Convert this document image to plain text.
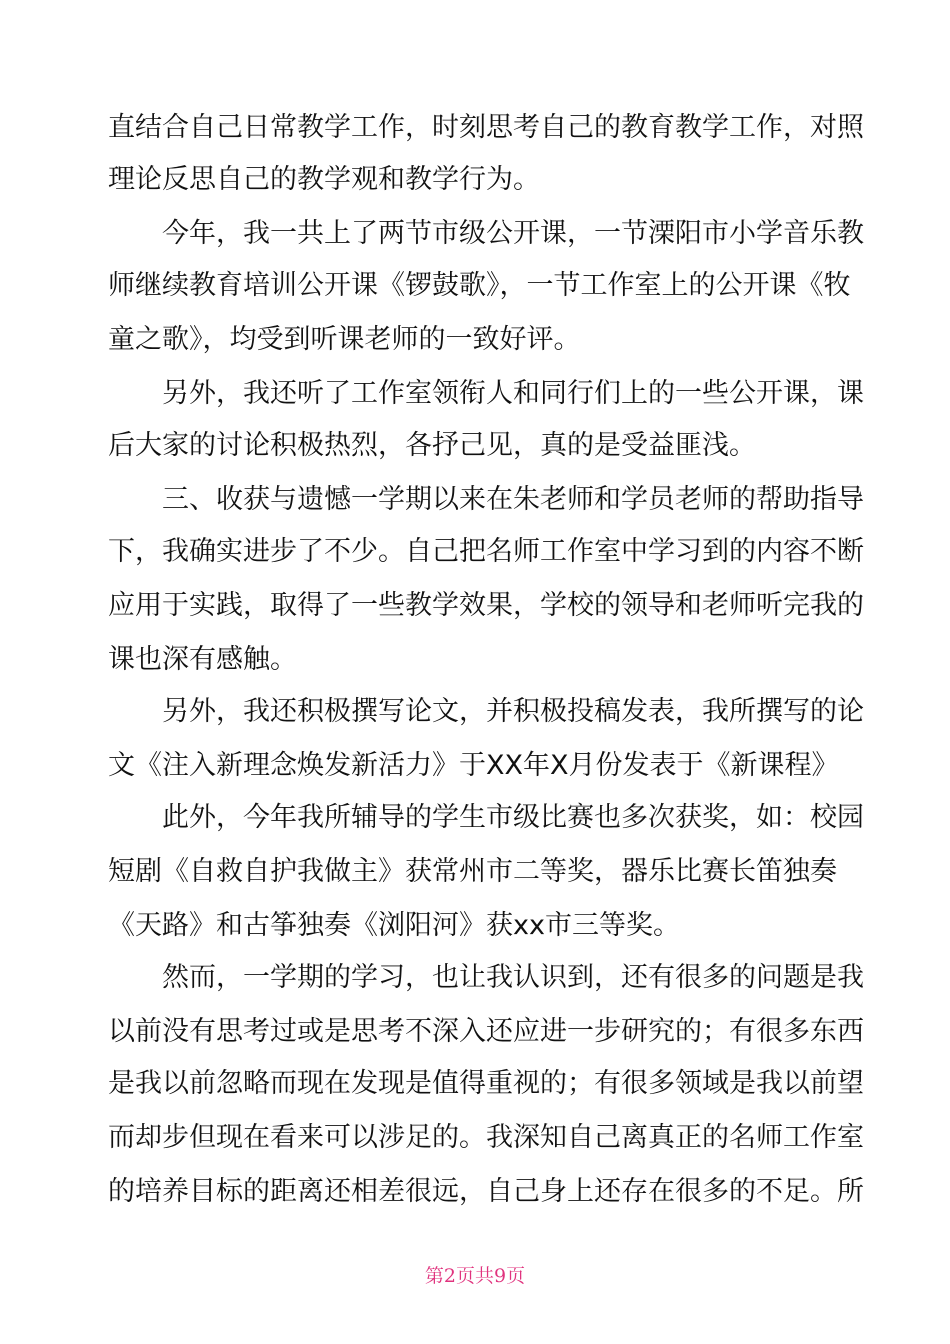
直结合自己日常教学工作，时刻思考自己的教育教学工作，对照
理论反思自己的教学观和教学行为。
今年，我一共上了两节市级公开课，一节溧阳市小学音乐教
师继续教育培训公开课《锣鼓歌》，一节工作室上的公开课《牧
童之歌》，均受到听课老师的一致好评。
另外，我还听了工作室领衔人和同行们上的一些公开课，课
后大家的讨论积极热烈，各抒己见，真的是受益匪浅。
三、收获与遗憾一学期以来在朱老师和学员老师的帮助指导
下，我确实进步了不少。自己把名师工作室中学习到的内容不断
应用于实践，取得了一些教学效果，学校的领导和老师听完我的
课也深有感触。
另外，我还积极撰写论文，并积极投稿发表，我所撰写的论
文《注入新理念焕发新活力》于XX年X月份发表于《新课程》
此外，今年我所辅导的学生市级比赛也多次获奖，如：校园
短剧《自救自护我做主》获常州市二等奖，器乐比赛长笛独奏
《天路》和古筝独奏《浏阳河》获xx市三等奖。
然而，一学期的学习，也让我认识到，还有很多的问题是我
以前没有思考过或是思考不深入还应进一步研究的；有很多东西
是我以前忽略而现在发现是值得重视的；有很多领域是我以前望
而却步但现在看来可以涉足的。我深知自己离真正的名师工作室
的培养目标的距离还相差很远，自己身上还存在很多的不足。所
第2页共9页
